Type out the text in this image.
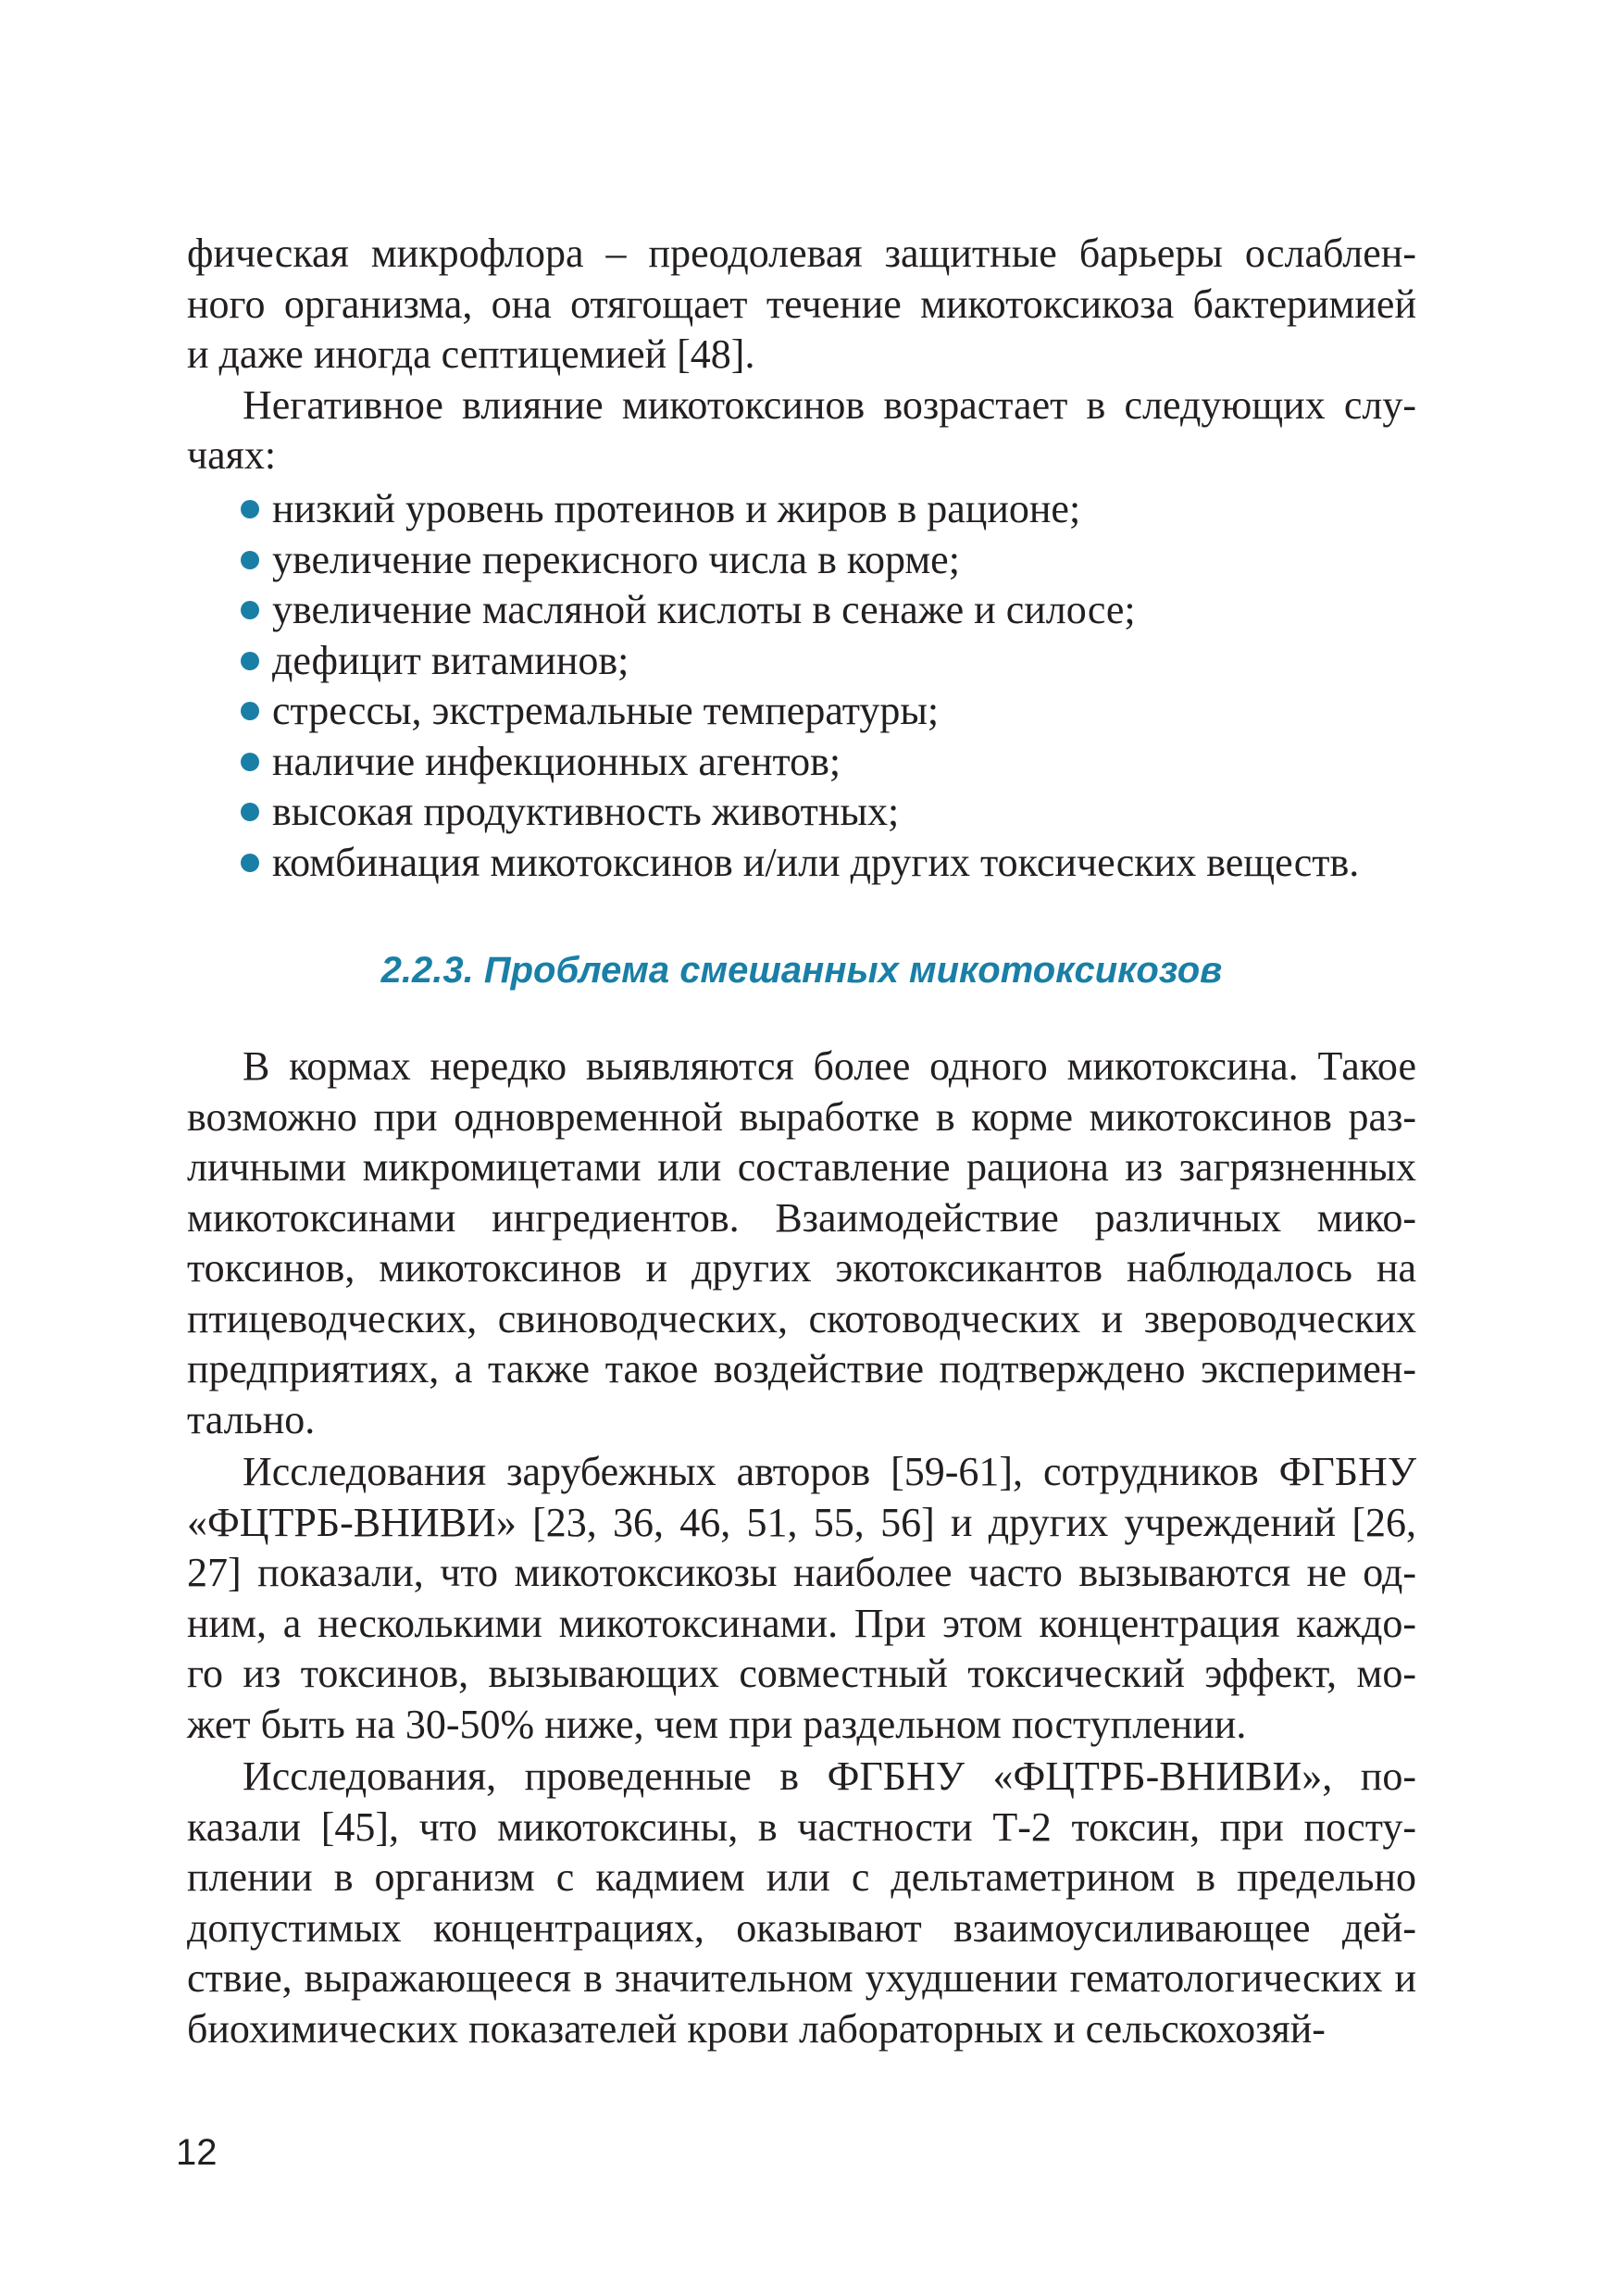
фическая микрофлора – преодолевая защитные барьеры ослаблен-

ного организма, она отягощает течение микотоксикоза бактеримией

и даже иногда септицемией [48].

Негативное влияние микотоксинов возрастает в следующих слу- чаях:

низкий уровень протеинов и жиров в рационе;
увеличение перекисного числа в корме;
увеличение масляной кислоты в сенаже и силосе;
дефицит витаминов;
стрессы, экстремальные температуры;
наличие инфекционных агентов;
высокая продуктивность животных;
комбинация микотоксинов и/или других токсических веществ.
2.2.3. Проблема смешанных микотоксикозов

В кормах нередко выявляются более одного микотоксина. Такое возможно при одновременной выработке в корме микотоксинов раз- личными микромицетами или составление рациона из загрязненных микотоксинами ингредиентов. Взаимодействие различных мико- токсинов, микотоксинов и других экотоксикантов наблюдалось на птицеводческих, свиноводческих, скотоводческих и звероводческих предприятиях, а также такое воздействие подтверждено эксперимен- тально.

Исследования зарубежных авторов [59-61], сотрудников ФГБНУ «ФЦТРБ-ВНИВИ» [23, 36, 46, 51, 55, 56] и других учреждений [26, 27] показали, что микотоксикозы наиболее часто вызываются не од- ним, а несколькими микотоксинами. При этом концентрация каждо- го из токсинов, вызывающих совместный токсический эффект, мо- жет быть на 30-50% ниже, чем при раздельном поступлении.

Исследования, проведенные в ФГБНУ «ФЦТРБ-ВНИВИ», по- казали [45], что микотоксины, в частности Т-2 токсин, при посту- плении в организм с кадмием или с дельтаметрином в предельно допустимых концентрациях, оказывают взаимоусиливающее дей- ствие, выражающееся в значительном ухудшении гематологических и биохимических показателей крови лабораторных и сельскохозяй-

12
